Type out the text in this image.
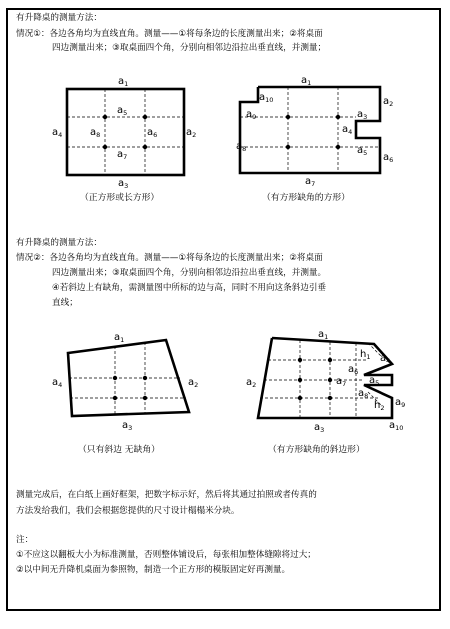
有升降桌的测量方法：
情况①：各边各角均为直线直角。测量——①将每条边的长度测量出来；②将桌面
四边测量出来；③取桌面四个角，分别向相邻边沿拉出垂直线，并测量；
有升降桌的测量方法：
情况②：各边各角均为直线直角。测量——①将每条边的长度测量出来；②将桌面
四边测量出来；③取桌面四个角，分别向相邻边沿拉出垂直线，并测量。
④若斜边上有缺角，需测量图中所标的边与高，同时不用向这条斜边引垂
直线；
测量完成后，在白纸上画好框架，把数字标示好，然后将其通过拍照或者传真的
方法发给我们，我们会根据您提供的尺寸设计榻榻米分块。
注：
①不应这以翻板大小为标准测量，否则整体铺设后，每张相加整体缝隙将过大；
②以中间无升降机桌面为参照物，制造一个正方形的模版固定好再测量。
$a_1$
$a_2$
$a_3$
$a_4$
$a_5$
$a_6$
$a_7$
$a_8$
（正方形或长方形）
$a_1$
$a_2$
$a_3$
$a_4$
$a_5$ $a_6$
$a_7$
$a_8$
$a_9$
$a_{10}$
（有方形缺角的方形）
$a_1$
$a_2$
$a_3$
$a_4$
（只有斜边 无缺角）
$a_1$
$a_2$
$a_3$
$a_4$
$a_5$
$a_6$
$a_7$
$a_8$
$a_9$
$a_{10}$
$h_1$
$h_2$
（有方形缺角的斜边形）
